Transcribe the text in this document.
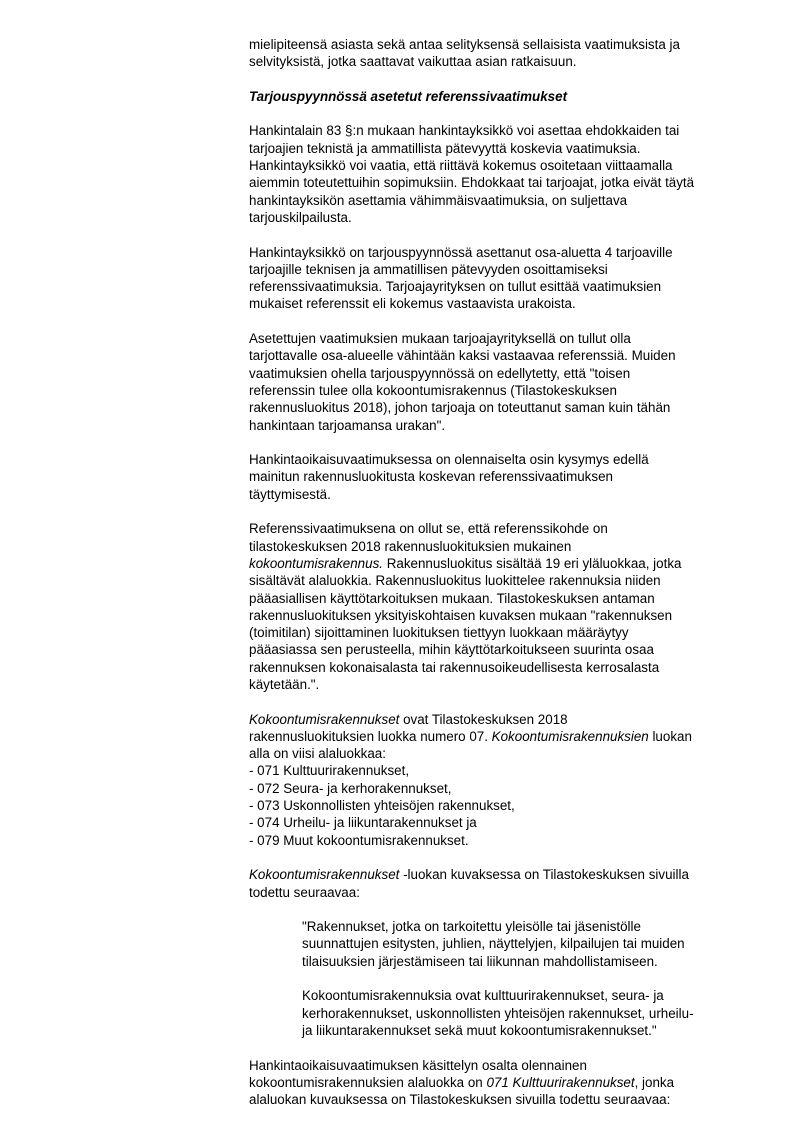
mielipiteensä asiasta sekä antaa selityksensä sellaisista vaatimuksista ja
selvityksistä, jotka saattavat vaikuttaa asian ratkaisuun.

Tarjouspyynnössä asetetut referenssivaatimukset

Hankintalain 83 §:n mukaan hankintayksikkö voi asettaa ehdokkaiden tai
tarjoajien teknistä ja ammatillista pätevyyttä koskevia vaatimuksia.
Hankintayksikkö voi vaatia, että riittävä kokemus osoitetaan viittaamalla
aiemmin toteutettuihin sopimuksiin. Ehdokkaat tai tarjoajat, jotka eivät täytä
hankintayksikön asettamia vähimmäisvaatimuksia, on suljettava
tarjouskilpailusta.

Hankintayksikkö on tarjouspyynnössä asettanut osa-aluetta 4 tarjoaville
tarjoajille teknisen ja ammatillisen pätevyyden osoittamiseksi
referenssivaatimuksia. Tarjoajayrityksen on tullut esittää vaatimuksien
mukaiset referenssit eli kokemus vastaavista urakoista.

Asetettujen vaatimuksien mukaan tarjoajayrityksellä on tullut olla
tarjottavalle osa-alueelle vähintään kaksi vastaavaa referenssiä. Muiden
vaatimuksien ohella tarjouspyynnössä on edellytetty, että "toisen
referenssin tulee olla kokoontumisrakennus (Tilastokeskuksen
rakennusluokitus 2018), johon tarjoaja on toteuttanut saman kuin tähän
hankintaan tarjoamansa urakan".

Hankintaoikaisuvaatimuksessa on olennaiselta osin kysymys edellä
mainitun rakennusluokitusta koskevan referenssivaatimuksen
täyttymisestä.

Referenssivaatimuksena on ollut se, että referenssikohde on
tilastokeskuksen 2018 rakennusluokituksien mukainen
kokoontumisrakennus. Rakennusluokitus sisältää 19 eri yläluokkaa, jotka
sisältävät alaluokkia. Rakennusluokitus luokittelee rakennuksia niiden
pääasiallisen käyttötarkoituksen mukaan. Tilastokeskuksen antaman
rakennusluokituksen yksityiskohtaisen kuvaksen mukaan "rakennuksen
(toimitilan) sijoittaminen luokituksen tiettyyn luokkaan määräytyy
pääasiassa sen perusteella, mihin käyttötarkoitukseen suurinta osaa
rakennuksen kokonaisalasta tai rakennusoikeudellisesta kerrosalasta
käytetään.".

Kokoontumisrakennukset ovat Tilastokeskuksen 2018
rakennusluokituksien luokka numero 07. Kokoontumisrakennuksien luokan
alla on viisi alaluokkaa:
- 071 Kulttuurirakennukset,
- 072 Seura- ja kerhorakennukset,
- 073 Uskonnollisten yhteisöjen rakennukset,
- 074 Urheilu- ja liikuntarakennukset ja
- 079 Muut kokoontumisrakennukset.

Kokoontumisrakennukset -luokan kuvaksessa on Tilastokeskuksen sivuilla
todettu seuraavaa:

"Rakennukset, jotka on tarkoitettu yleisölle tai jäsenistölle
suunnattujen esitysten, juhlien, näyttelyjen, kilpailujen tai muiden
tilaisuuksien järjestämiseen tai liikunnan mahdollistamiseen.

Kokoontumisrakennuksia ovat kulttuurirakennukset, seura- ja
kerhorakennukset, uskonnollisten yhteisöjen rakennukset, urheilu-
ja liikuntarakennukset sekä muut kokoontumisrakennukset."

Hankintaoikaisuvaatimuksen käsittelyn osalta olennainen
kokoontumisrakennuksien alaluokka on 071 Kulttuurirakennukset, jonka
alaluokan kuvauksessa on Tilastokeskuksen sivuilla todettu seuraavaa:
